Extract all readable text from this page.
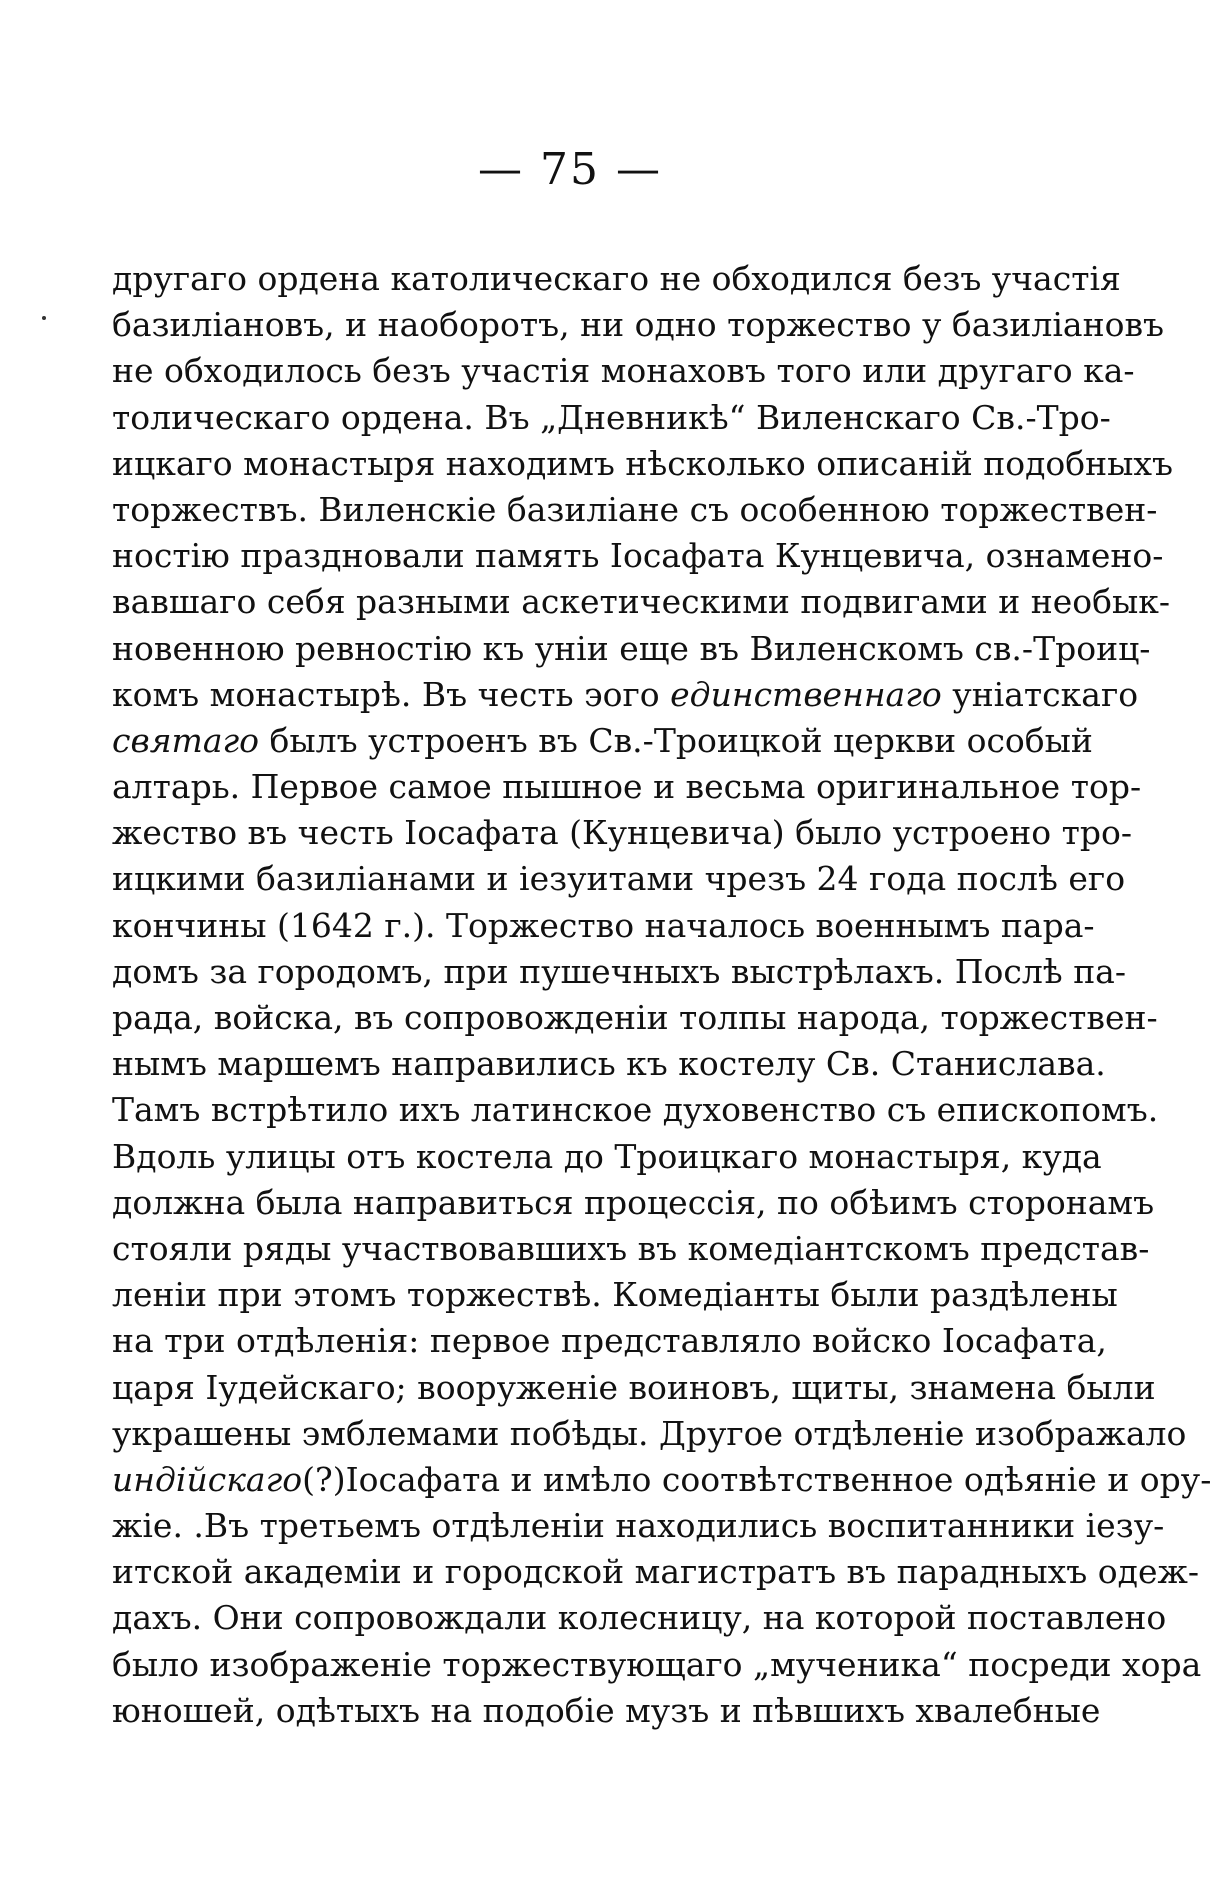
— 75 —
другаго ордена католическаго не обходился безъ участія
базиліановъ, и наоборотъ, ни одно торжество у базиліановъ
не обходилось безъ участія монаховъ того или другаго ка-
толическаго ордена. Въ „Дневникѣ“ Виленскаго Св.-Тро-
ицкаго монастыря находимъ нѣсколько описаній подобныхъ
торжествъ. Виленскіе базиліане съ особенною торжествен-
ностію праздновали память Іосафата Кунцевича, ознамено-
вавшаго себя разными аскетическими подвигами и необык-
новенною ревностію къ уніи еще въ Виленскомъ св.-Троиц-
комъ монастырѣ. Въ честь эого единственнаго уніатскаго
святаго былъ устроенъ въ Св.-Троицкой церкви особый
алтарь. Первое самое пышное и весьма оригинальное тор-
жество въ честь Іосафата (Кунцевича) было устроено тро-
ицкими базиліанами и іезуитами чрезъ 24 года послѣ его
кончины (1642 г.). Торжество началось военнымъ пара-
домъ за городомъ, при пушечныхъ выстрѣлахъ. Послѣ па-
рада, войска, въ сопровожденіи толпы народа, торжествен-
нымъ маршемъ направились къ костелу Св. Станислава.
Тамъ встрѣтило ихъ латинское духовенство съ епископомъ.
Вдоль улицы отъ костела до Троицкаго монастыря, куда
должна была направиться процессія, по обѣимъ сторонамъ
стояли ряды участвовавшихъ въ комедіантскомъ представ-
леніи при этомъ торжествѣ. Комедіанты были раздѣлены
на три отдѣленія: первое представляло войско Іосафата,
царя Іудейскаго; вооруженіе воиновъ, щиты, знамена были
украшены эмблемами побѣды. Другое отдѣленіе изображало
индійскаго(?)Іосафата и имѣло соотвѣтственное одѣяніе и ору-
жіе. .Въ третьемъ отдѣленіи находились воспитанники іезу-
итской академіи и городской магистратъ въ парадныхъ одеж-
дахъ. Они сопровождали колесницу, на которой поставлено
было изображеніе торжествующаго „мученика“ посреди хора
юношей, одѣтыхъ на подобіе музъ и пѣвшихъ хвалебные
